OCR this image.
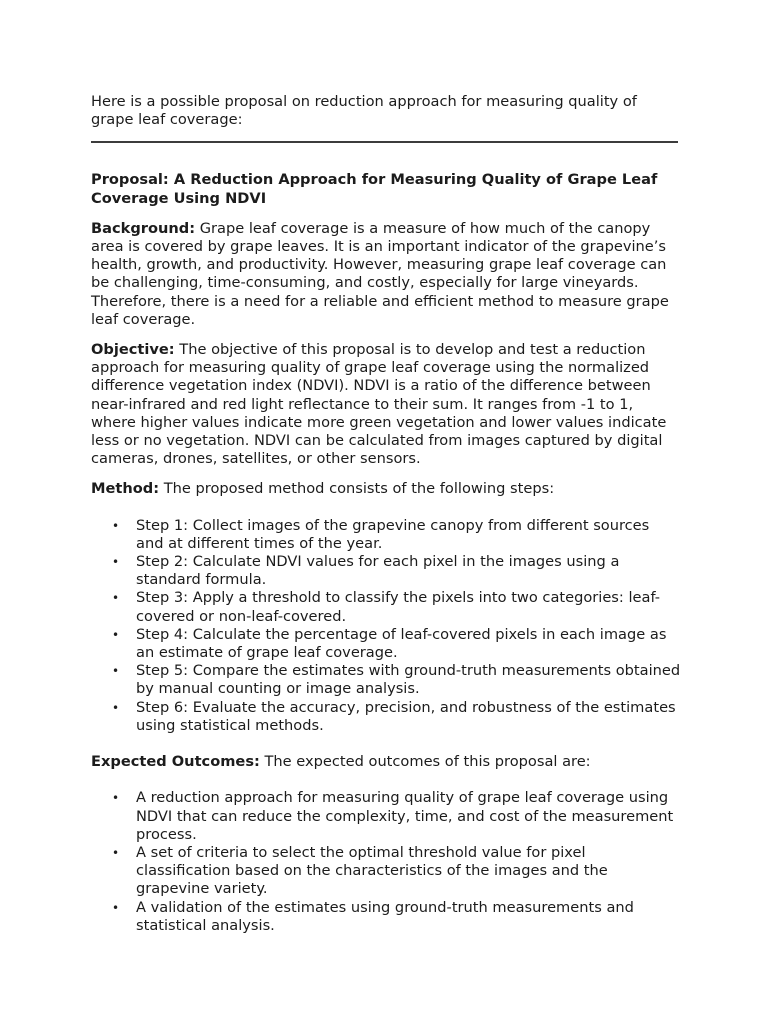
Here is a possible proposal on reduction approach for measuring quality of grape leaf coverage:

Proposal: A Reduction Approach for Measuring Quality of Grape Leaf Coverage Using NDVI

Background: Grape leaf coverage is a measure of how much of the canopy area is covered by grape leaves. It is an important indicator of the grapevine’s health, growth, and productivity. However, measuring grape leaf coverage can be challenging, time-consuming, and costly, especially for large vineyards. Therefore, there is a need for a reliable and efficient method to measure grape leaf coverage.

Objective: The objective of this proposal is to develop and test a reduction approach for measuring quality of grape leaf coverage using the normalized difference vegetation index (NDVI). NDVI is a ratio of the difference between near-infrared and red light reflectance to their sum. It ranges from -1 to 1, where higher values indicate more green vegetation and lower values indicate less or no vegetation. NDVI can be calculated from images captured by digital cameras, drones, satellites, or other sensors.

Method: The proposed method consists of the following steps:

• Step 1: Collect images of the grapevine canopy from different sources and at different times of the year.
• Step 2: Calculate NDVI values for each pixel in the images using a standard formula.
• Step 3: Apply a threshold to classify the pixels into two categories: leaf-covered or non-leaf-covered.
• Step 4: Calculate the percentage of leaf-covered pixels in each image as an estimate of grape leaf coverage.
• Step 5: Compare the estimates with ground-truth measurements obtained by manual counting or image analysis.
• Step 6: Evaluate the accuracy, precision, and robustness of the estimates using statistical methods.

Expected Outcomes: The expected outcomes of this proposal are:

• A reduction approach for measuring quality of grape leaf coverage using NDVI that can reduce the complexity, time, and cost of the measurement process.
• A set of criteria to select the optimal threshold value for pixel classification based on the characteristics of the images and the grapevine variety.
• A validation of the estimates using ground-truth measurements and statistical analysis.
